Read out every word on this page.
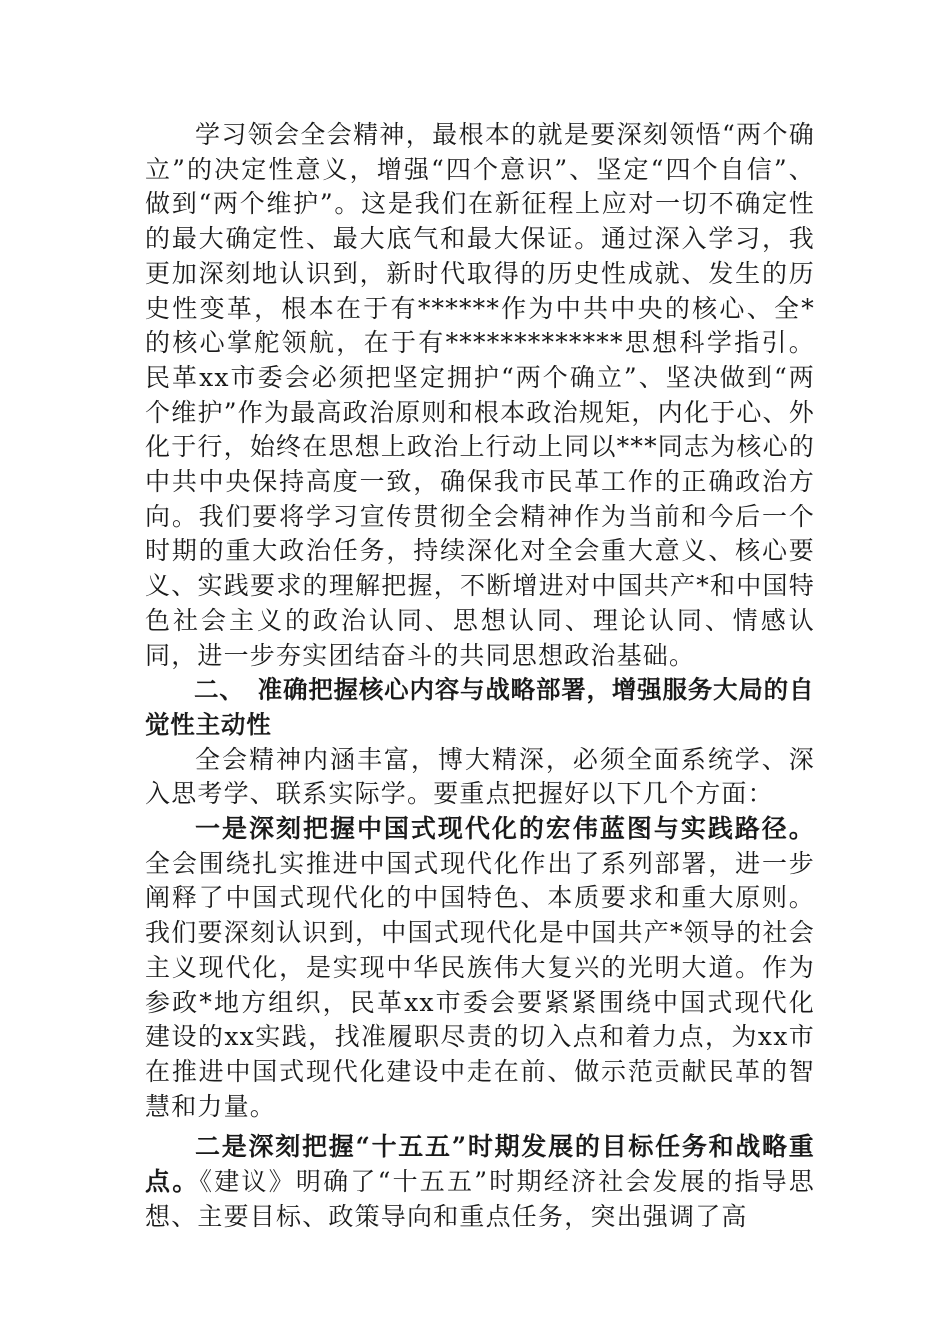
学习领会全会精神，最根本的就是要深刻领悟“两个确立”的决定性意义，增强“四个意识”、坚定“四个自信”、做到“两个维护”。这是我们在新征程上应对一切不确定性的最大确定性、最大底气和最大保证。通过深入学习，我更加深刻地认识到，新时代取得的历史性成就、发生的历史性变革，根本在于有******作为中共中央的核心、全*的核心掌舵领航，在于有*************思想科学指引。民革xx市委会必须把坚定拥护“两个确立”、坚决做到“两个维护”作为最高政治原则和根本政治规矩，内化于心、外化于行，始终在思想上政治上行动上同以***同志为核心的中共中央保持高度一致，确保我市民革工作的正确政治方向。我们要将学习宣传贯彻全会精神作为当前和今后一个时期的重大政治任务，持续深化对全会重大意义、核心要义、实践要求的理解把握，不断增进对中国共产*和中国特色社会主义的政治认同、思想认同、理论认同、情感认同，进一步夯实团结奋斗的共同思想政治基础。

二、　准确把握核心内容与战略部署，增强服务大局的自觉性主动性

全会精神内涵丰富，博大精深，必须全面系统学、深入思考学、联系实际学。要重点把握好以下几个方面：

一是深刻把握中国式现代化的宏伟蓝图与实践路径。全会围绕扎实推进中国式现代化作出了系列部署，进一步阐释了中国式现代化的中国特色、本质要求和重大原则。我们要深刻认识到，中国式现代化是中国共产*领导的社会主义现代化，是实现中华民族伟大复兴的光明大道。作为参政*地方组织，民革xx市委会要紧紧围绕中国式现代化建设的xx实践，找准履职尽责的切入点和着力点，为xx市在推进中国式现代化建设中走在前、做示范贡献民革的智慧和力量。

二是深刻把握“十五五”时期发展的目标任务和战略重点。《建议》明确了“十五五”时期经济社会发展的指导思想、主要目标、政策导向和重点任务，突出强调了高
